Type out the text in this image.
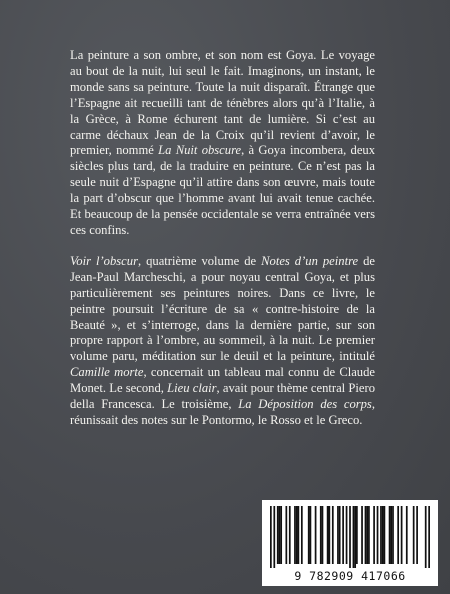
La peinture a son ombre, et son nom est Goya. Le voyage au bout de la nuit, lui seul le fait. Imaginons, un instant, le monde sans sa peinture. Toute la nuit disparaît. Étrange que l’Espagne ait recueilli tant de ténèbres alors qu’à l’Italie, à la Grèce, à Rome échurent tant de lumière. Si c’est au carme déchaux Jean de la Croix qu’il revient d’avoir, le premier, nommé La Nuit obscure, à Goya incombera, deux siècles plus tard, de la traduire en peinture. Ce n’est pas la seule nuit d’Espagne qu’il attire dans son œuvre, mais toute la part d’obscur que l’homme avant lui avait tenue cachée. Et beaucoup de la pensée occidentale se verra entraînée vers ces confins.

Voir l’obscur, quatrième volume de Notes d’un peintre de Jean-Paul Marcheschi, a pour noyau central Goya, et plus particulièrement ses peintures noires. Dans ce livre, le peintre poursuit l’écriture de sa « contre-histoire de la Beauté », et s’interroge, dans la dernière partie, sur son propre rapport à l’ombre, au sommeil, à la nuit. Le premier volume paru, méditation sur le deuil et la peinture, intitulé Camille morte, concernait un tableau mal connu de Claude Monet. Le second, Lieu clair, avait pour thème central Piero della Francesca. Le troisième, La Déposition des corps, réunissait des notes sur le Pontormo, le Rosso et le Greco.

9 782909 417066
